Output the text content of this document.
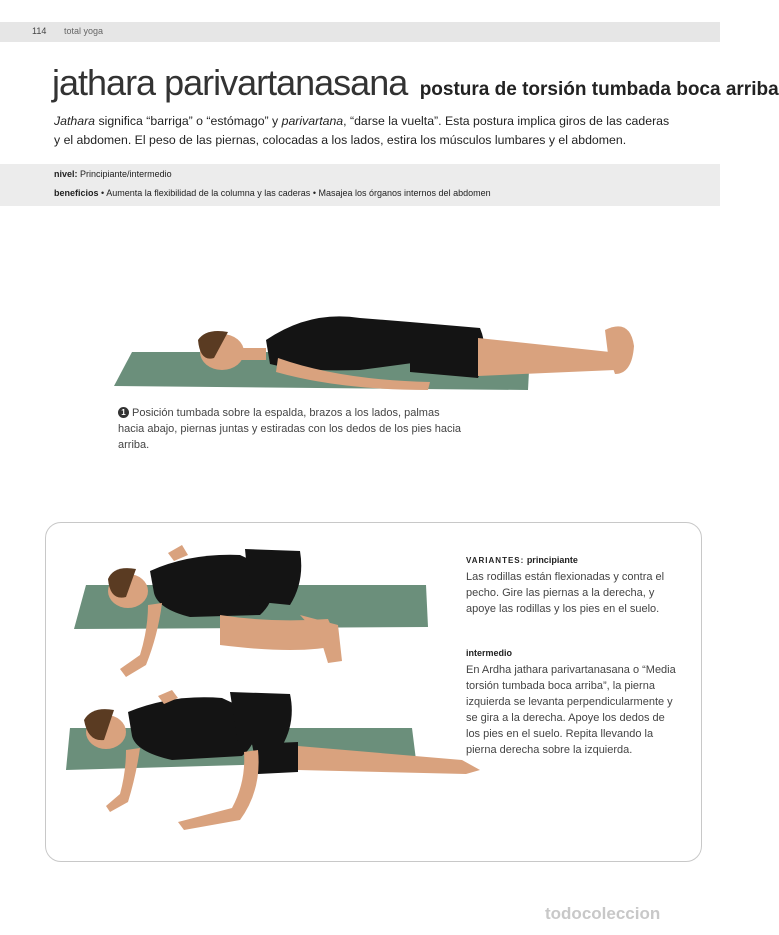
114 total yoga
jathara parivartanasana postura de torsión tumbada boca arriba

Jathara significa “barriga” o “estómago” y parivartana, “darse la vuelta”. Esta postura implica giros de las caderas y el abdomen. El peso de las piernas, colocadas a los lados, estira los músculos lumbares y el abdomen.

nivel: Principiante/intermedio
beneficios • Aumenta la flexibilidad de la columna y las caderas • Masajea los órganos internos del abdomen

1 Posición tumbada sobre la espalda, brazos a los lados, palmas hacia abajo, piernas juntas y estiradas con los dedos de los pies hacia arriba.

VARIANTES: principiante

Las rodillas están flexionadas y contra el pecho. Gire las piernas a la derecha, y apoye las rodillas y los pies en el suelo.

intermedio

En Ardha jathara parivartanasana o “Media torsión tumbada boca arriba”, la pierna izquierda se levanta perpendicularmente y se gira a la derecha. Apoye los dedos de los pies en el suelo. Repita llevando la pierna derecha sobre la izquierda.

todocoleccion
